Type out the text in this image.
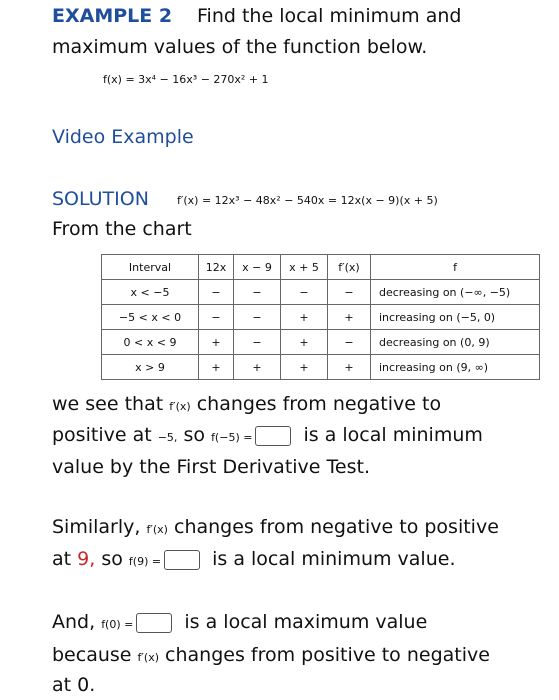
EXAMPLE 2 Find the local minimum and
maximum values of the function below.
f(x) = 3x⁴ − 16x³ − 270x² + 1
Video Example
SOLUTION	f′(x) = 12x³ − 48x² − 540x = 12x(x − 9)(x + 5)
From the chart
Interval	12x	x − 9	x + 5	f′(x)	f
x < −5	−	−	−	−	decreasing on (−∞, −5)
−5 < x < 0	−	−	+	+	increasing on (−5, 0)
0 < x < 9	+	−	+	−	decreasing on (0, 9)
x > 9	+	+	+	+	increasing on (9, ∞)
we see that f′(x) changes from negative to
positive at −5, so f(−5) =	is a local minimum
value by the First Derivative Test.
Similarly, f′(x) changes from negative to positive
at 9, so f(9) =	is a local minimum value.
And, f(0) =	is a local maximum value
because f′(x) changes from positive to negative
at 0.
